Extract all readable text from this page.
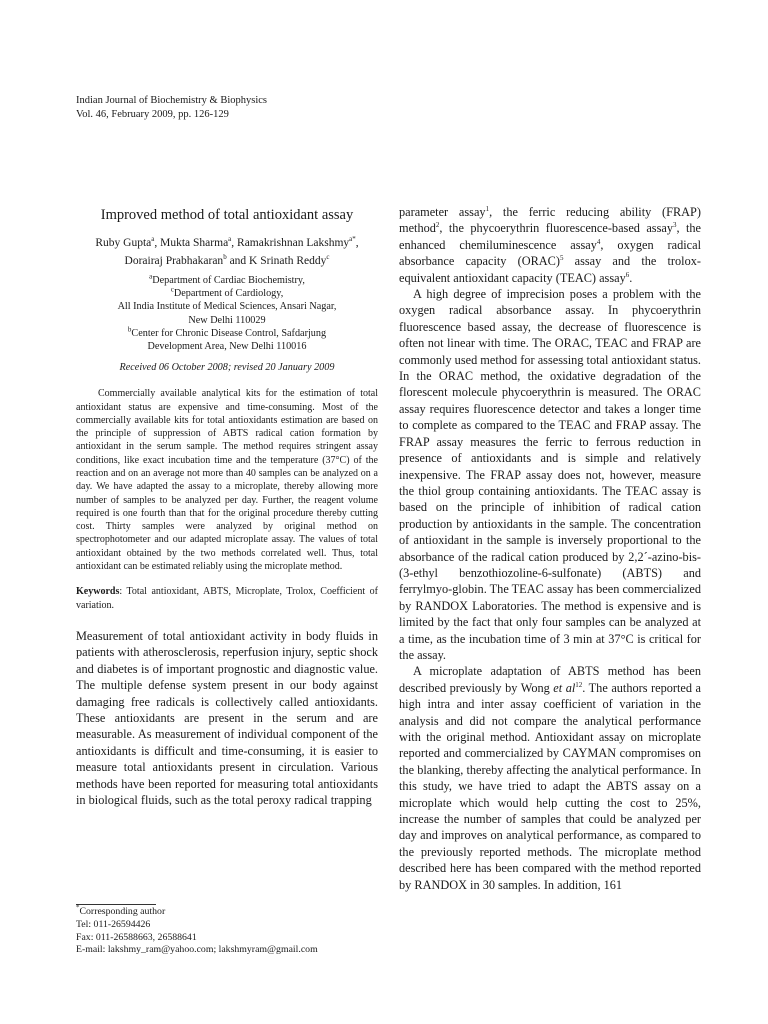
Indian Journal of Biochemistry & Biophysics
Vol. 46, February 2009, pp. 126-129
Improved method of total antioxidant assay
Ruby Gupta$^a$, Mukta Sharma$^a$, Ramakrishnan Lakshmy$^{a*}$,
Dorairaj Prabhakaran$^b$ and K Srinath Reddy$^c$
$^a$Department of Cardiac Biochemistry,
$^c$Department of Cardiology,
All India Institute of Medical Sciences, Ansari Nagar,
New Delhi 110029
$^b$Center for Chronic Disease Control, Safdarjung
Development Area, New Delhi 110016
Received 06 October 2008; revised 20 January 2009

Commercially available analytical kits for the estimation of total antioxidant status are expensive and time-consuming. Most of the commercially available kits for total antioxidants estimation are based on the principle of suppression of ABTS radical cation formation by antioxidant in the serum sample. The method requires stringent assay conditions, like exact incubation time and the temperature (37°C) of the reaction and on an average not more than 40 samples can be analyzed on a day. We have adapted the assay to a microplate, thereby allowing more number of samples to be analyzed per day. Further, the reagent volume required is one fourth than that for the original procedure thereby cutting cost. Thirty samples were analyzed by original method on spectrophotometer and our adapted microplate assay. The values of total antioxidant obtained by the two methods correlated well. Thus, total antioxidant can be estimated reliably using the microplate method.

Keywords: Total antioxidant, ABTS, Microplate, Trolox, Coefficient of variation.

Measurement of total antioxidant activity in body fluids in patients with atherosclerosis, reperfusion injury, septic shock and diabetes is of important prognostic and diagnostic value. The multiple defense system present in our body against damaging free radicals is collectively called antioxidants. These antioxidants are present in the serum and are measurable. As measurement of individual component of the antioxidants is difficult and time-consuming, it is easier to measure total antioxidants present in circulation. Various methods have been reported for measuring total antioxidants in biological fluids, such as the total peroxy radical trapping

parameter assay$^1$, the ferric reducing ability (FRAP) method$^2$, the phycoerythrin fluorescence-based assay$^3$, the enhanced chemiluminescence assay$^4$, oxygen radical absorbance capacity (ORAC)$^5$ assay and the trolox-equivalent antioxidant capacity (TEAC) assay$^6$.

A high degree of imprecision poses a problem with the oxygen radical absorbance assay. In phycoerythrin fluorescence based assay, the decrease of fluorescence is often not linear with time. The ORAC, TEAC and FRAP are commonly used method for assessing total antioxidant status. In the ORAC method, the oxidative degradation of the florescent molecule phycoerythrin is measured. The ORAC assay requires fluorescence detector and takes a longer time to complete as compared to the TEAC and FRAP assay. The FRAP assay measures the ferric to ferrous reduction in presence of antioxidants and is simple and relatively inexpensive. The FRAP assay does not, however, measure the thiol group containing antioxidants. The TEAC assay is based on the principle of inhibition of radical cation production by antioxidants in the sample. The concentration of antioxidant in the sample is inversely proportional to the absorbance of the radical cation produced by 2,2´-azino-bis-(3-ethyl benzothiozoline-6-sulfonate) (ABTS) and ferrylmyo-globin. The TEAC assay has been commercialized by RANDOX Laboratories. The method is expensive and is limited by the fact that only four samples can be analyzed at a time, as the incubation time of 3 min at 37°C is critical for the assay.

A microplate adaptation of ABTS method has been described previously by Wong et $al^{12}$. The authors reported a high intra and inter assay coefficient of variation in the analysis and did not compare the analytical performance with the original method. Antioxidant assay on microplate reported and commercialized by CAYMAN compromises on the blanking, thereby affecting the analytical performance. In this study, we have tried to adapt the ABTS assay on a microplate which would help cutting the cost to 25%, increase the number of samples that could be analyzed per day and improves on analytical performance, as compared to the previously reported methods. The microplate method described here has been compared with the method reported by RANDOX in 30 samples. In addition, 161

*Corresponding author
Tel: 011-26594426
Fax: 011-26588663, 26588641
E-mail: lakshmy_ram@yahoo.com; lakshmyram@gmail.com
